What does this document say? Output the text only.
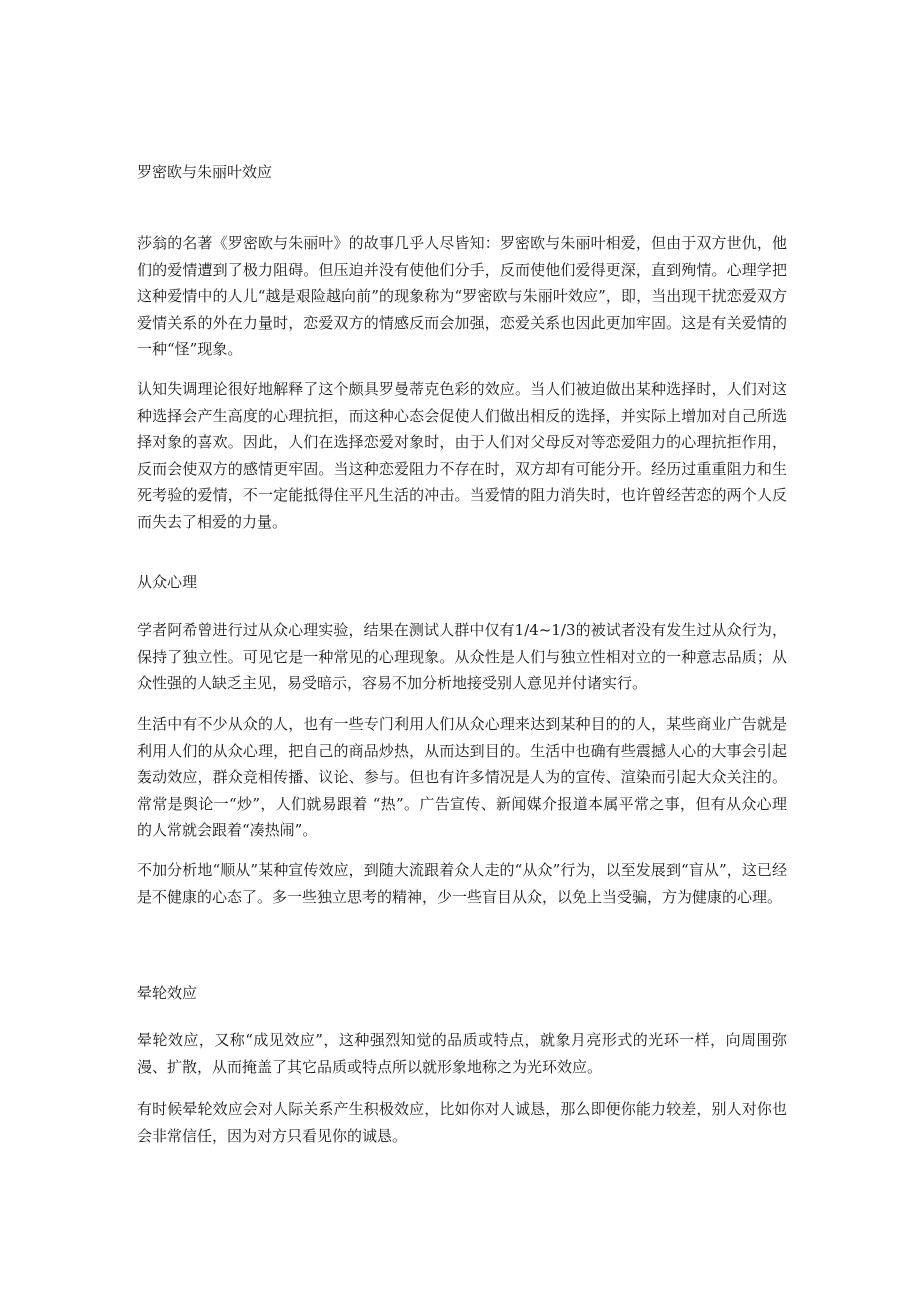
罗密欧与朱丽叶效应

莎翁的名著《罗密欧与朱丽叶》的故事几乎人尽皆知：罗密欧与朱丽叶相爱，但由于双方世仇，他们的爱情遭到了极力阻碍。但压迫并没有使他们分手，反而使他们爱得更深，直到殉情。心理学把这种爱情中的人儿“越是艰险越向前”的现象称为“罗密欧与朱丽叶效应”，即，当出现干扰恋爱双方爱情关系的外在力量时，恋爱双方的情感反而会加强，恋爱关系也因此更加牢固。这是有关爱情的一种“怪”现象。

认知失调理论很好地解释了这个颇具罗曼蒂克色彩的效应。当人们被迫做出某种选择时，人们对这种选择会产生高度的心理抗拒，而这种心态会促使人们做出相反的选择，并实际上增加对自己所选择对象的喜欢。因此，人们在选择恋爱对象时，由于人们对父母反对等恋爱阻力的心理抗拒作用，反而会使双方的感情更牢固。当这种恋爱阻力不存在时，双方却有可能分开。经历过重重阻力和生死考验的爱情，不一定能抵得住平凡生活的冲击。当爱情的阻力消失时，也许曾经苦恋的两个人反而失去了相爱的力量。

从众心理

学者阿希曾进行过从众心理实验，结果在测试人群中仅有1/4~1/3的被试者没有发生过从众行为，保持了独立性。可见它是一种常见的心理现象。从众性是人们与独立性相对立的一种意志品质；从众性强的人缺乏主见，易受暗示，容易不加分析地接受别人意见并付诸实行。

生活中有不少从众的人，也有一些专门利用人们从众心理来达到某种目的的人，某些商业广告就是利用人们的从众心理，把自己的商品炒热，从而达到目的。生活中也确有些震撼人心的大事会引起轰动效应，群众竞相传播、议论、参与。但也有许多情况是人为的宣传、渲染而引起大众关注的。常常是舆论一“炒”，人们就易跟着 “热”。广告宣传、新闻媒介报道本属平常之事，但有从众心理的人常就会跟着“凑热闹”。

不加分析地“顺从”某种宣传效应，到随大流跟着众人走的“从众”行为，以至发展到“盲从”，这已经是不健康的心态了。多一些独立思考的精神，少一些盲目从众，以免上当受骗，方为健康的心理。

晕轮效应

晕轮效应，又称“成见效应”，这种强烈知觉的品质或特点，就象月亮形式的光环一样，向周围弥漫、扩散，从而掩盖了其它品质或特点所以就形象地称之为光环效应。

有时候晕轮效应会对人际关系产生积极效应，比如你对人诚恳，那么即便你能力较差，别人对你也会非常信任，因为对方只看见你的诚恳。
